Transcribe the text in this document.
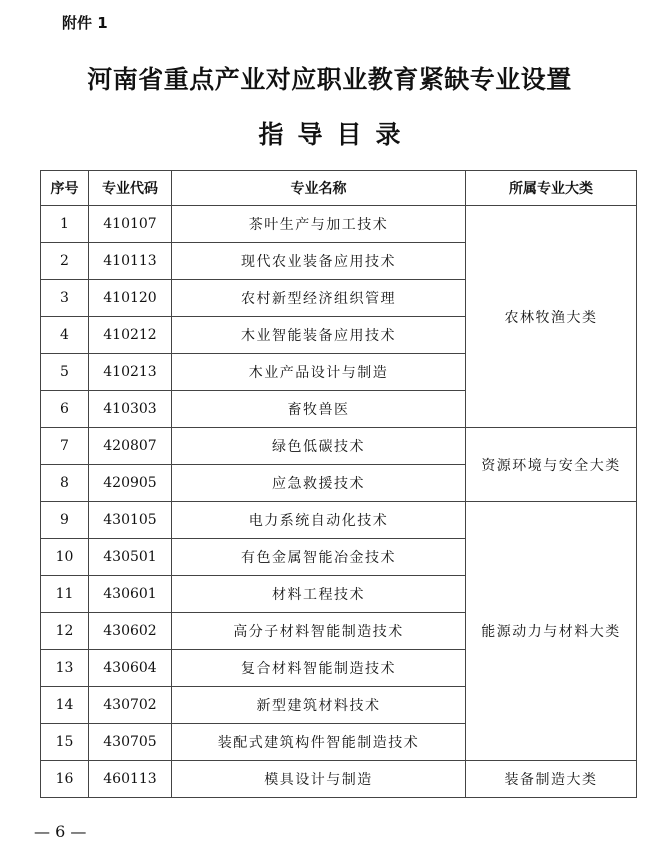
附件 1
河南省重点产业对应职业教育紧缺专业设置
指导目录
序号	专业代码	专业名称	所属专业大类
1	410107	茶叶生产与加工技术	农林牧渔大类
2	410113	现代农业装备应用技术	
3	410120	农村新型经济组织管理	
4	410212	木业智能装备应用技术	
5	410213	木业产品设计与制造	
6	410303	畜牧兽医	
7	420807	绿色低碳技术	资源环境与安全大类
8	420905	应急救援技术	
9	430105	电力系统自动化技术	能源动力与材料大类
10	430501	有色金属智能冶金技术	
11	430601	材料工程技术	
12	430602	高分子材料智能制造技术	
13	430604	复合材料智能制造技术	
14	430702	新型建筑材料技术	
15	430705	装配式建筑构件智能制造技术	
16	460113	模具设计与制造	装备制造大类
— 6 —
